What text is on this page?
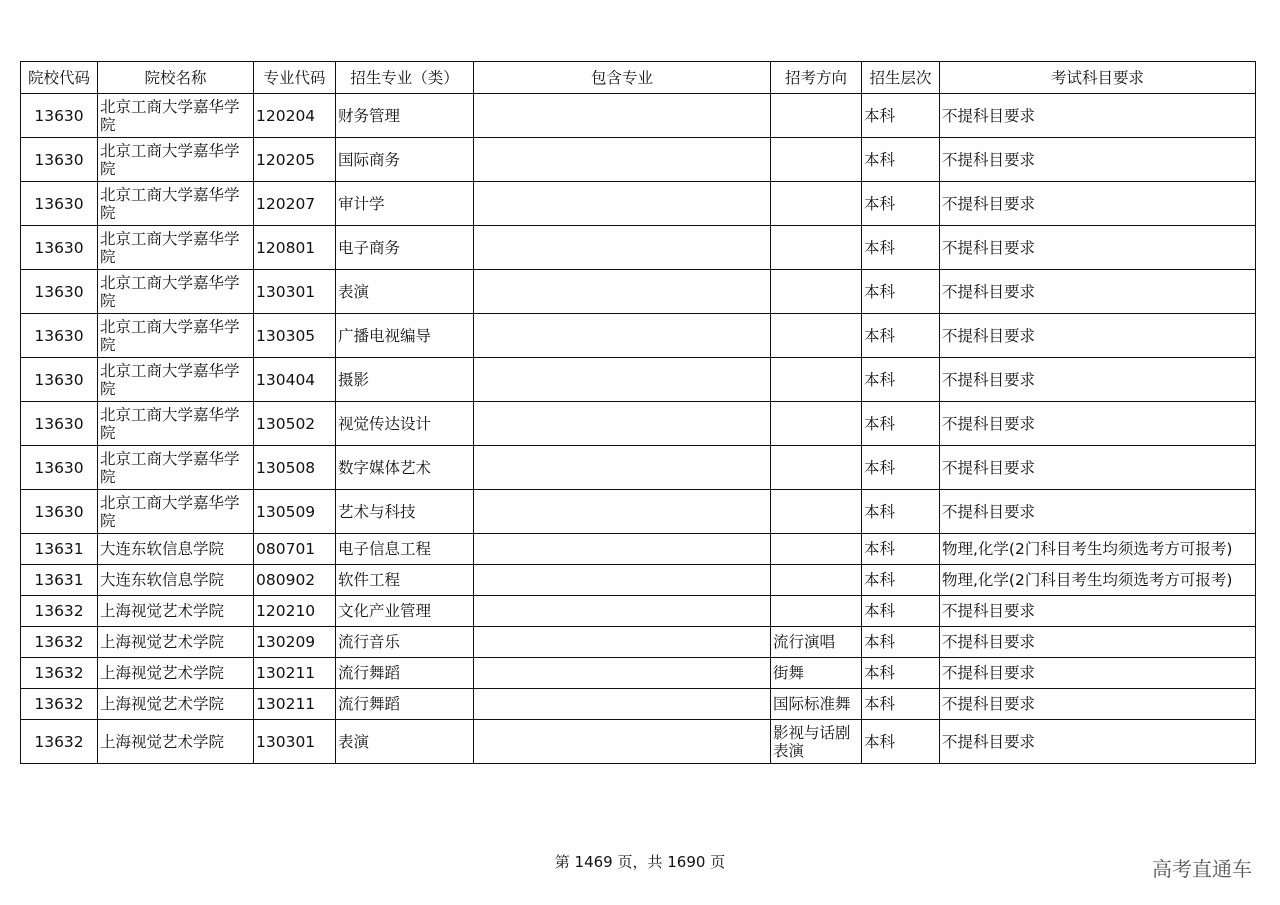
院校代码	院校名称	专业代码	招生专业（类）	包含专业	招考方向	招生层次	考试科目要求
13630	北京工商大学嘉华学院	120204	财务管理			本科	不提科目要求
13630	北京工商大学嘉华学院	120205	国际商务			本科	不提科目要求
13630	北京工商大学嘉华学院	120207	审计学			本科	不提科目要求
13630	北京工商大学嘉华学院	120801	电子商务			本科	不提科目要求
13630	北京工商大学嘉华学院	130301	表演			本科	不提科目要求
13630	北京工商大学嘉华学院	130305	广播电视编导			本科	不提科目要求
13630	北京工商大学嘉华学院	130404	摄影			本科	不提科目要求
13630	北京工商大学嘉华学院	130502	视觉传达设计			本科	不提科目要求
13630	北京工商大学嘉华学院	130508	数字媒体艺术			本科	不提科目要求
13630	北京工商大学嘉华学院	130509	艺术与科技			本科	不提科目要求
13631	大连东软信息学院	080701	电子信息工程			本科	物理,化学(2门科目考生均须选考方可报考)
13631	大连东软信息学院	080902	软件工程			本科	物理,化学(2门科目考生均须选考方可报考)
13632	上海视觉艺术学院	120210	文化产业管理			本科	不提科目要求
13632	上海视觉艺术学院	130209	流行音乐		流行演唱	本科	不提科目要求
13632	上海视觉艺术学院	130211	流行舞蹈		街舞	本科	不提科目要求
13632	上海视觉艺术学院	130211	流行舞蹈		国际标准舞	本科	不提科目要求
13632	上海视觉艺术学院	130301	表演		影视与话剧表演	本科	不提科目要求
第 1469 页，共 1690 页	高考直通车
